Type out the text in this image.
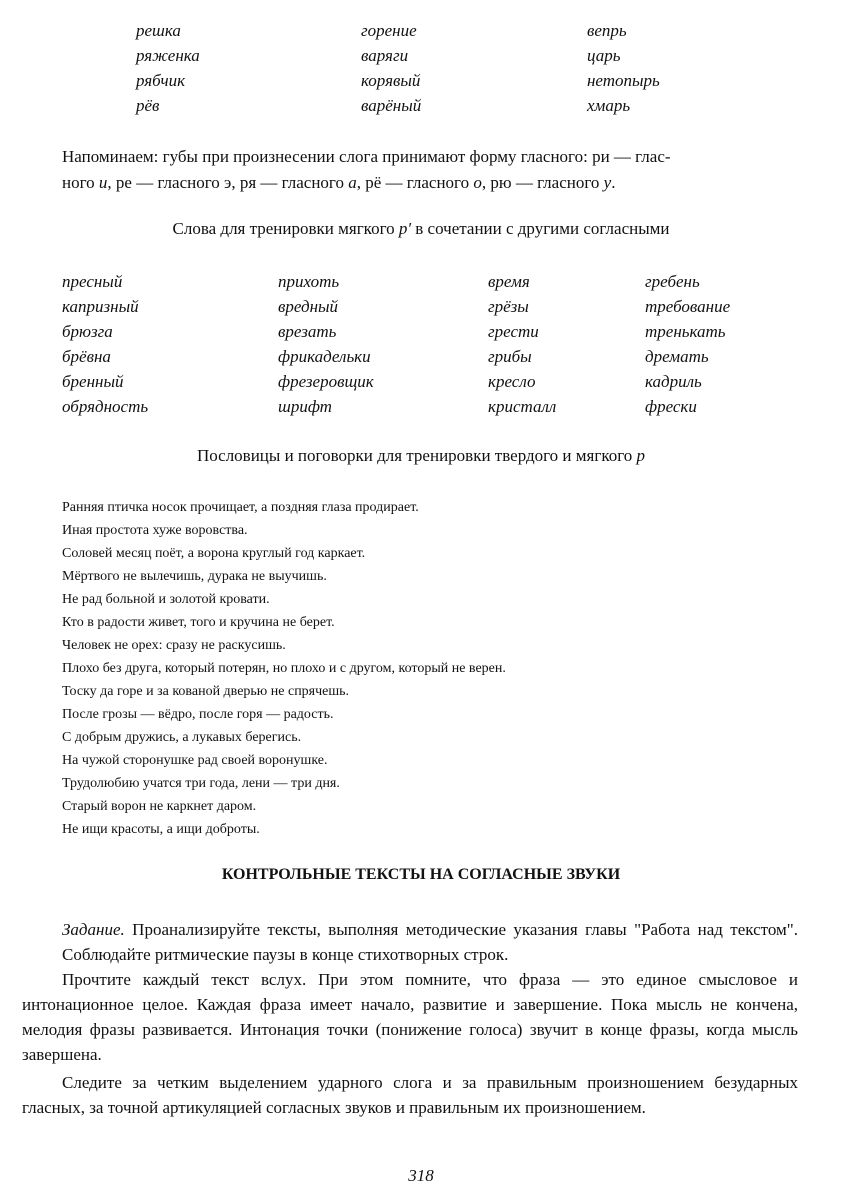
решка
ряженка
рябчик
рёв
горение
варяги
корявый
варёный
вепрь
царь
нетопырь
хмарь
Напоминаем: губы при произнесении слога принимают форму гласного: ри — глас-
ного и, ре — гласного э, ря — гласного а, рё — гласного о, рю — гласного у.
Слова для тренировки мягкого р' в сочетании с другими согласными
пресный
капризный
брюзга
брёвна
бренный
обрядность
прихоть
вредный
врезать
фрикадельки
фрезеровщик
шрифт
время
грёзы
грести
грибы
кресло
кристалл
гребень
требование
тренькать
дремать
кадриль
фрески
Пословицы и поговорки для тренировки твердого и мягкого р
Ранняя птичка носок прочищает, а поздняя глаза продирает.
Иная простота хуже воровства.
Соловей месяц поёт, а ворона круглый год каркает.
Мёртвого не вылечишь, дурака не выучишь.
Не рад больной и золотой кровати.
Кто в радости живет, того и кручина не берет.
Человек не орех: сразу не раскусишь.
Плохо без друга, который потерян, но плохо и с другом, который не верен.
Тоску да горе и за кованой дверью не спрячешь.
После грозы — вёдро, после горя — радость.
С добрым дружись, а лукавых берегись.
На чужой сторонушке рад своей воронушке.
Трудолюбию учатся три года, лени — три дня.
Старый ворон не каркнет даром.
Не ищи красоты, а ищи доброты.
КОНТРОЛЬНЫЕ ТЕКСТЫ НА СОГЛАСНЫЕ ЗВУКИ
Задание. Проанализируйте тексты, выполняя методические указания главы "Работа над текстом". Соблюдайте ритмические паузы в конце стихотворных строк.
Прочтите каждый текст вслух. При этом помните, что фраза — это единое смысловое и интонационное целое. Каждая фраза имеет начало, развитие и завершение. Пока мысль не кончена, мелодия фразы развивается. Интонация точки (понижение голоса) звучит в конце фразы, когда мысль завершена.
Следите за четким выделением ударного слога и за правильным произношением безударных гласных, за точной артикуляцией согласных звуков и правильным их произношением.
318
